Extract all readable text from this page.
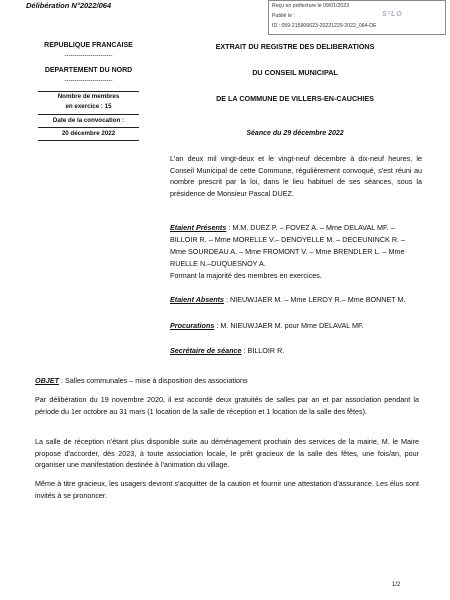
Délibération N°2022/064	Reçu en préfecture le 09/01/2023
Publié le :
ID : 059-215906623-20221229-2022_064-DE
S²LO
REPUBLIQUE FRANCAISE
------------------------
DEPARTEMENT DU NORD
------------------------
Nombre de membres
en exercice : 15
Date de la convocation :
20 décembre 2022
EXTRAIT DU REGISTRE DES DELIBERATIONS
DU CONSEIL MUNICIPAL
DE LA COMMUNE DE VILLERS-EN-CAUCHIES
Séance du 29 décembre 2022
L'an deux mil vingt-deux et le vingt-neuf décembre à dix-neuf heures, le Conseil Municipal de cette Commune, régulièrement convoqué, s'est réuni au nombre prescrit par la loi, dans le lieu habituel de ses séances, sous la présidence de Monsieur Pascal DUEZ.
Etaient Présents : M.M. DUEZ P. – FOVEZ A. – Mme DELAVAL MF. –
BILLOIR R. – Mme MORELLE V.– DENOYELLE M. – DECEUNINCK R. –
Mme SOURDEAU A. – Mme FROMONT V. – Mme BRENDLER L. – Mme
RUELLE N.–DUQUESNOY A.
Formant la majorité des membres en exercices.
Etaient Absents : NIEUWJAER M. – Mme LEROY R.– Mme BONNET M.
Procurations : M. NIEUWJAER M. pour Mme DELAVAL MF.
Secrétaire de séance : BILLOIR R.
OBJET : Salles communales – mise à disposition des associations
Par délibération du 19 novembre 2020, il est accordé deux gratuités de salles par an et par association pendant la période du 1er octobre au 31 mars (1 location de la salle de réception et 1 location de la salle des fêtes).
La salle de réception n'étant plus disponible suite au déménagement prochain des services de la mairie, M. le Maire propose d'accorder, dès 2023, à toute association locale, le prêt gracieux de la salle des fêtes, une fois/an, pour organiser une manifestation destinée à l'animation du village.
Même à titre gracieux, les usagers devront s'acquitter de la caution et fournir une attestation d'assurance. Les élus sont invités à se prononcer.
1/2
